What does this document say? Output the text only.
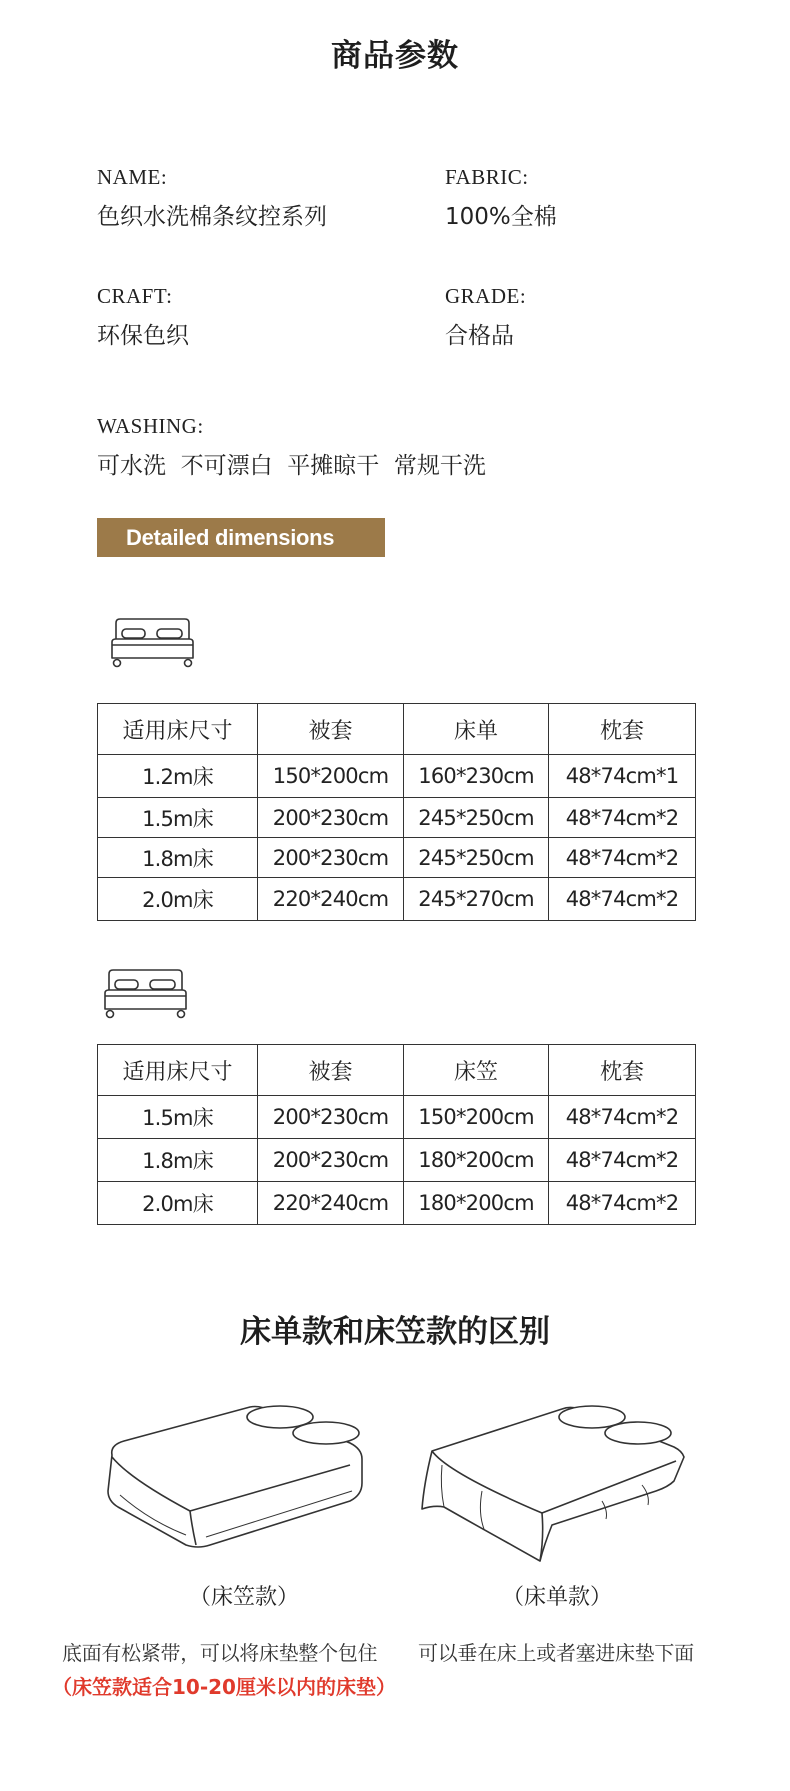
商品参数
NAME:
色织水洗棉条纹控系列
FABRIC:
100%全棉
CRAFT:
环保色织
GRADE:
合格品
WASHING:
可水洗  不可漂白  平摊晾干  常规干洗
Detailed dimensions
适用床尺寸	被套	床单	枕套
1.2m床	150*200cm	160*230cm	48*74cm*1
1.5m床	200*230cm	245*250cm	48*74cm*2
1.8m床	200*230cm	245*250cm	48*74cm*2
2.0m床	220*240cm	245*270cm	48*74cm*2
适用床尺寸	被套	床笠	枕套
1.5m床	200*230cm	150*200cm	48*74cm*2
1.8m床	200*230cm	180*200cm	48*74cm*2
2.0m床	220*240cm	180*200cm	48*74cm*2
床单款和床笠款的区别
（床笠款）	（床单款）
底面有松紧带，可以将床垫整个包住 可以垂在床上或者塞进床垫下面
（床笠款适合10-20厘米以内的床垫）
